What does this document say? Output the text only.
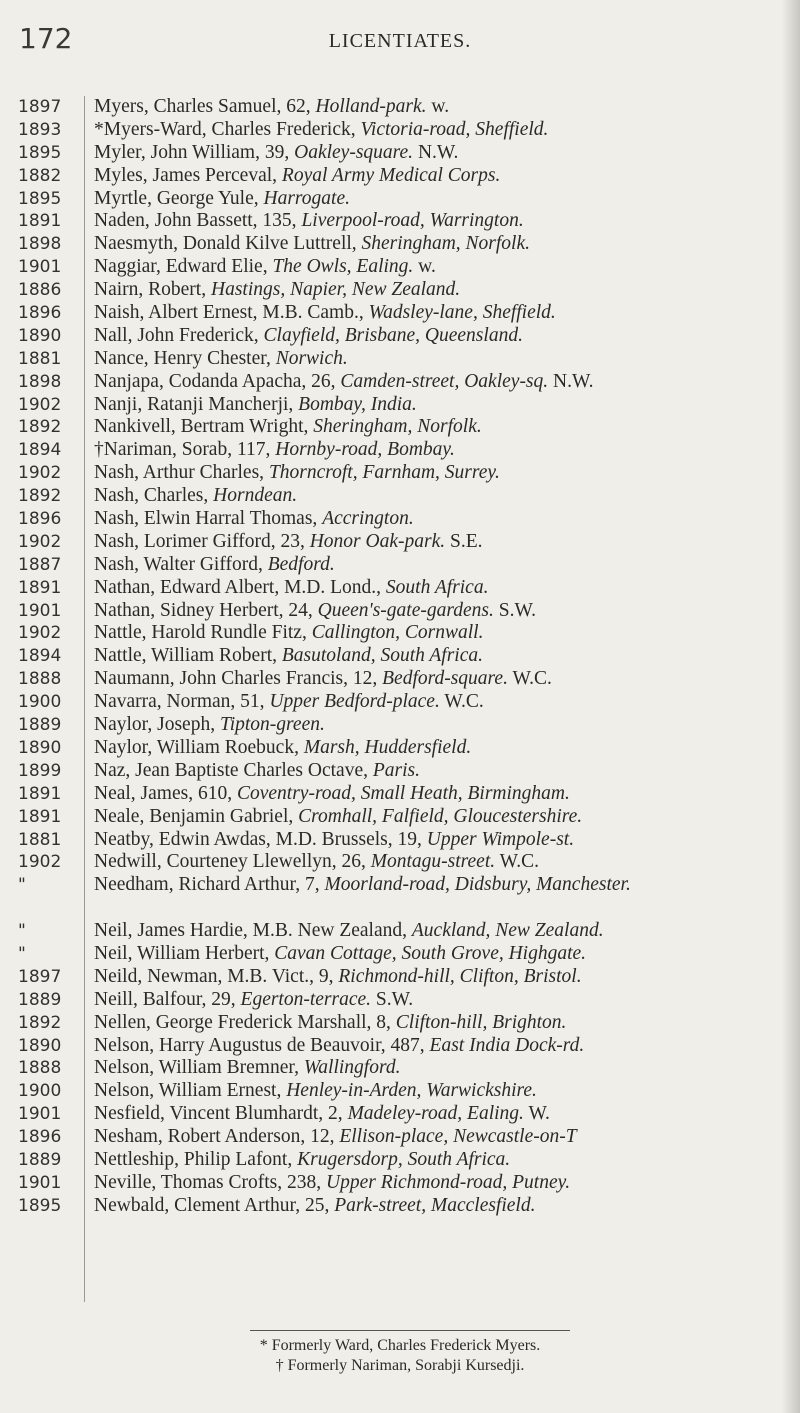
172	LICENTIATES.
1897	Myers, Charles Samuel, 62, Holland-park. w.
1893	*Myers-Ward, Charles Frederick, Victoria-road, Sheffield.
1895	Myler, John William, 39, Oakley-square. N.W.
1882	Myles, James Perceval, Royal Army Medical Corps.
1895	Myrtle, George Yule, Harrogate.
1891	Naden, John Bassett, 135, Liverpool-road, Warrington.
1898	Naesmyth, Donald Kilve Luttrell, Sheringham, Norfolk.
1901	Naggiar, Edward Elie, The Owls, Ealing. w.
1886	Nairn, Robert, Hastings, Napier, New Zealand.
1896	Naish, Albert Ernest, M.B. Camb., Wadsley-lane, Sheffield.
1890	Nall, John Frederick, Clayfield, Brisbane, Queensland.
1881	Nance, Henry Chester, Norwich.
1898	Nanjapa, Codanda Apacha, 26, Camden-street, Oakley-sq. N.W.
1902	Nanji, Ratanji Mancherji, Bombay, India.
1892	Nankivell, Bertram Wright, Sheringham, Norfolk.
1894	†Nariman, Sorab, 117, Hornby-road, Bombay.
1902	Nash, Arthur Charles, Thorncroft, Farnham, Surrey.
1892	Nash, Charles, Horndean.
1896	Nash, Elwin Harral Thomas, Accrington.
1902	Nash, Lorimer Gifford, 23, Honor Oak-park. S.E.
1887	Nash, Walter Gifford, Bedford.
1891	Nathan, Edward Albert, M.D. Lond., South Africa.
1901	Nathan, Sidney Herbert, 24, Queen's-gate-gardens. S.W.
1902	Nattle, Harold Rundle Fitz, Callington, Cornwall.
1894	Nattle, William Robert, Basutoland, South Africa.
1888	Naumann, John Charles Francis, 12, Bedford-square. W.C.
1900	Navarra, Norman, 51, Upper Bedford-place. W.C.
1889	Naylor, Joseph, Tipton-green.
1890	Naylor, William Roebuck, Marsh, Huddersfield.
1899	Naz, Jean Baptiste Charles Octave, Paris.
1891	Neal, James, 610, Coventry-road, Small Heath, Birmingham.
1891	Neale, Benjamin Gabriel, Cromhall, Falfield, Gloucestershire.
1881	Neatby, Edwin Awdas, M.D. Brussels, 19, Upper Wimpole-st.
1902	Nedwill, Courteney Llewellyn, 26, Montagu-street. W.C.
"	Needham, Richard Arthur, 7, Moorland-road, Didsbury, Manchester.
"	Neil, James Hardie, M.B. New Zealand, Auckland, New Zealand.
"	Neil, William Herbert, Cavan Cottage, South Grove, Highgate.
1897	Neild, Newman, M.B. Vict., 9, Richmond-hill, Clifton, Bristol.
1889	Neill, Balfour, 29, Egerton-terrace. S.W.
1892	Nellen, George Frederick Marshall, 8, Clifton-hill, Brighton.
1890	Nelson, Harry Augustus de Beauvoir, 487, East India Dock-rd.
1888	Nelson, William Bremner, Wallingford.
1900	Nelson, William Ernest, Henley-in-Arden, Warwickshire.
1901	Nesfield, Vincent Blumhardt, 2, Madeley-road, Ealing. W.
1896	Nesham, Robert Anderson, 12, Ellison-place, Newcastle-on-T
1889	Nettleship, Philip Lafont, Krugersdorp, South Africa.
1901	Neville, Thomas Crofts, 238, Upper Richmond-road, Putney.
1895	Newbald, Clement Arthur, 25, Park-street, Macclesfield.
* Formerly Ward, Charles Frederick Myers.
† Formerly Nariman, Sorabji Kursedji.
